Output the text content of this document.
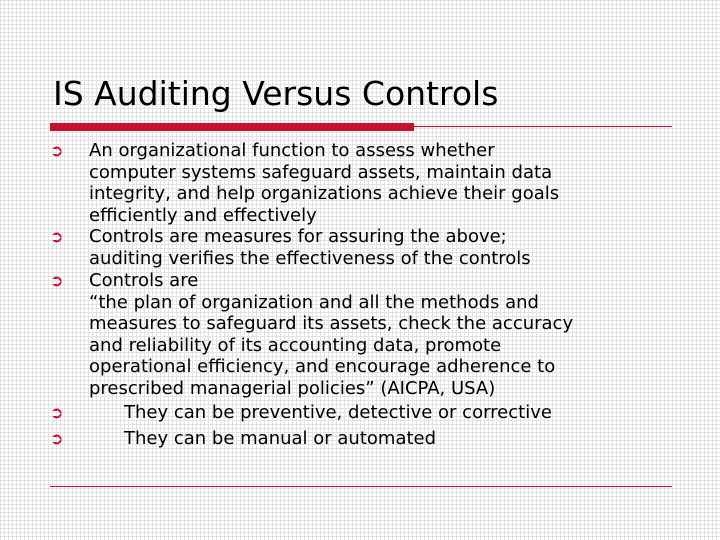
IS Auditing Versus Controls
➲	An organizational function to assess whether
computer systems safeguard assets, maintain data
integrity, and help organizations achieve their goals
efficiently and effectively
➲	Controls are measures for assuring the above;
auditing verifies the effectiveness of the controls
➲	Controls are
“the plan of organization and all the methods and
measures to safeguard its assets, check the accuracy
and reliability of its accounting data, promote
operational efficiency, and encourage adherence to
prescribed managerial policies” (AICPA, USA)
➲	They can be preventive, detective or corrective
➲	They can be manual or automated
